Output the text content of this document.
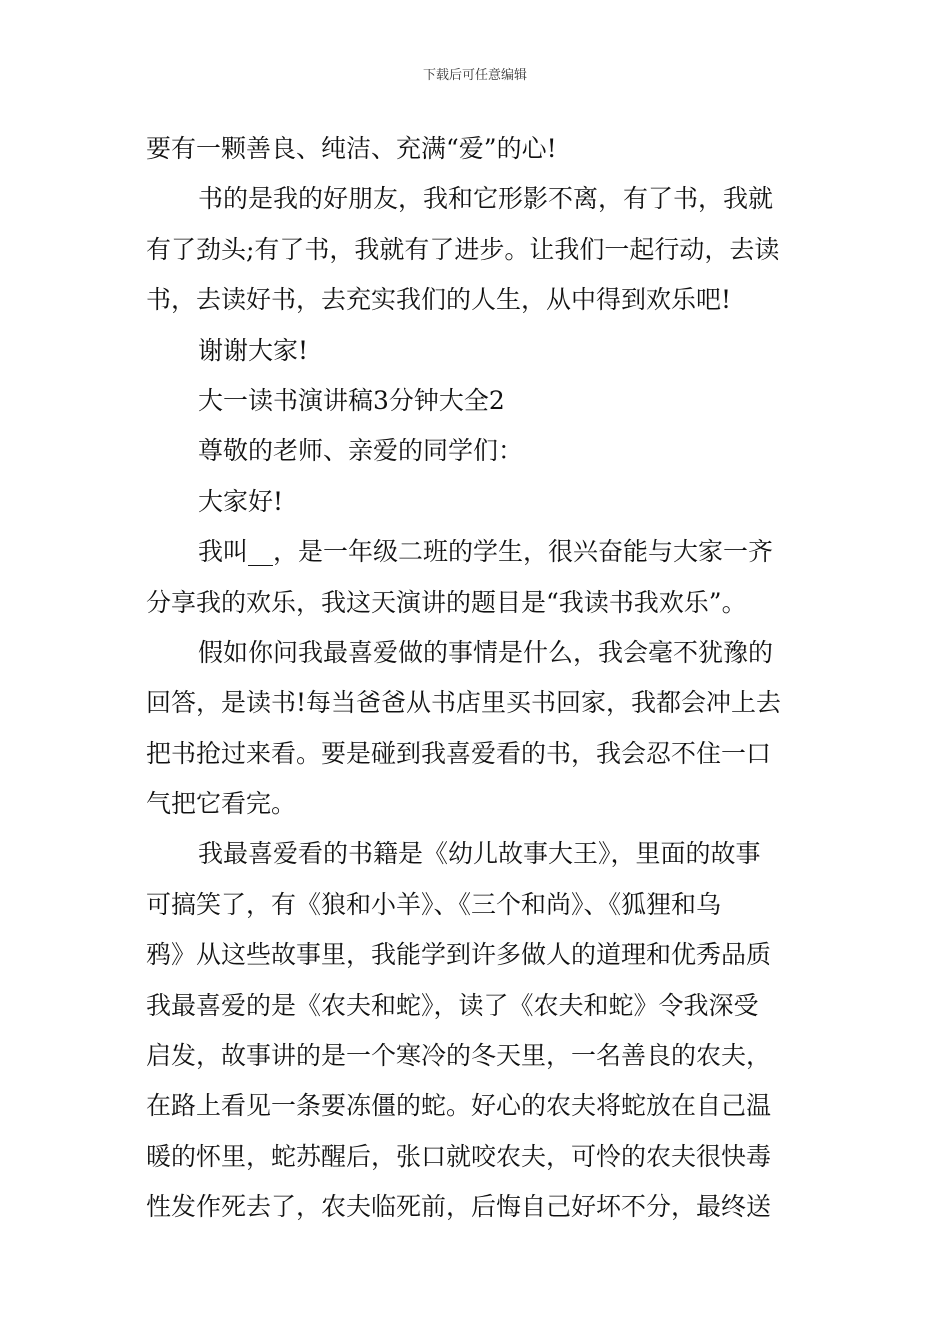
下载后可任意编辑
要有一颗善良、纯洁、充满“爱”的心!
书的是我的好朋友，我和它形影不离，有了书，我就
有了劲头;有了书，我就有了进步。让我们一起行动，去读
书，去读好书，去充实我们的人生，从中得到欢乐吧!
谢谢大家!
大一读书演讲稿3分钟大全2
尊敬的老师、亲爱的同学们：
大家好!
我叫__，是一年级二班的学生，很兴奋能与大家一齐
分享我的欢乐，我这天演讲的题目是“我读书我欢乐”。
假如你问我最喜爱做的事情是什么，我会毫不犹豫的
回答，是读书!每当爸爸从书店里买书回家，我都会冲上去
把书抢过来看。要是碰到我喜爱看的书，我会忍不住一口
气把它看完。
我最喜爱看的书籍是《幼儿故事大王》，里面的故事
可搞笑了，有《狼和小羊》、《三个和尚》、《狐狸和乌
鸦》从这些故事里，我能学到许多做人的道理和优秀品质
我最喜爱的是《农夫和蛇》，读了《农夫和蛇》令我深受
启发，故事讲的是一个寒冷的冬天里，一名善良的农夫，
在路上看见一条要冻僵的蛇。好心的农夫将蛇放在自己温
暖的怀里，蛇苏醒后，张口就咬农夫，可怜的农夫很快毒
性发作死去了，农夫临死前，后悔自己好坏不分，最终送
